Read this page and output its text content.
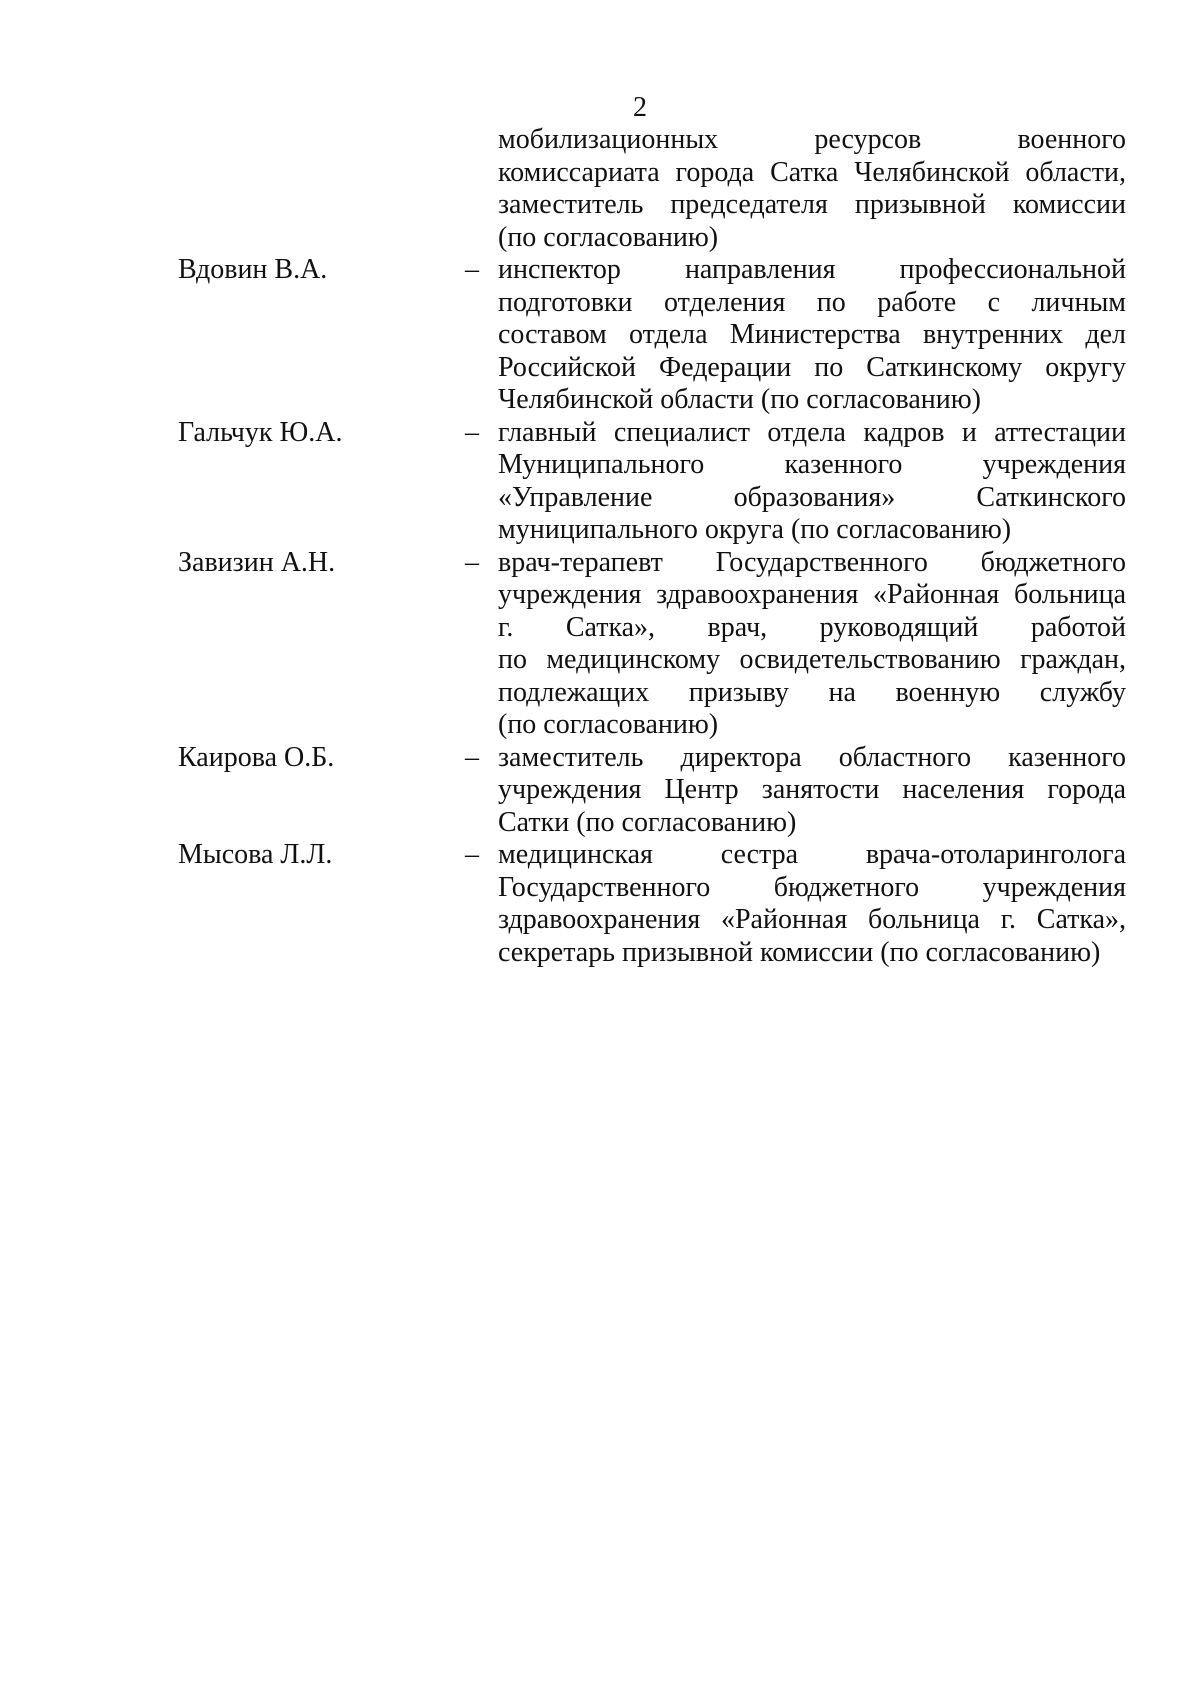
2
мобилизационных ресурсов военного
комиссариата города Сатка Челябинской области,
заместитель председателя призывной комиссии
(по согласованию)
Вдовин В.А.	– инспектор направления профессиональной
подготовки отделения по работе с личным
составом отдела Министерства внутренних дел
Российской Федерации по Саткинскому округу
Челябинской области (по согласованию)
Гальчук Ю.А.	– главный специалист отдела кадров и аттестации
Муниципального казенного учреждения
«Управление образования» Саткинского
муниципального округа (по согласованию)
Завизин А.Н.	– врач-терапевт Государственного бюджетного
учреждения здравоохранения «Районная больница
г. Сатка», врач, руководящий работой
по медицинскому освидетельствованию граждан,
подлежащих призыву на военную службу
(по согласованию)
Каирова О.Б.	– заместитель директора областного казенного
учреждения Центр занятости населения города
Сатки (по согласованию)
Мысова Л.Л.	– медицинская сестра врача-отоларинголога
Государственного бюджетного учреждения
здравоохранения «Районная больница г. Сатка»,
секретарь призывной комиссии (по согласованию)
